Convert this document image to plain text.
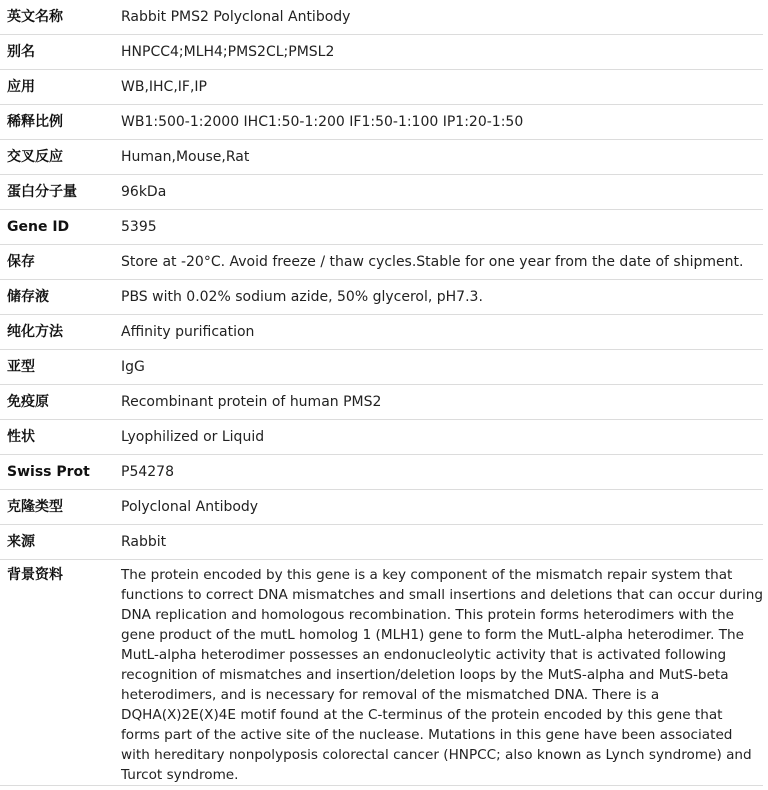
英文名称	Rabbit PMS2 Polyclonal Antibody
别名	HNPCC4;MLH4;PMS2CL;PMSL2
应用	WB,IHC,IF,IP
稀释比例	WB1:500-1:2000 IHC1:50-1:200 IF1:50-1:100 IP1:20-1:50
交叉反应	Human,Mouse,Rat
蛋白分子量	96kDa
Gene ID	5395
保存	Store at -20°C. Avoid freeze / thaw cycles.Stable for one year from the date of shipment.
储存液	PBS with 0.02% sodium azide, 50% glycerol, pH7.3.
纯化方法	Affinity purification
亚型	IgG
免疫原	Recombinant protein of human PMS2
性状	Lyophilized or Liquid
Swiss Prot	P54278
克隆类型	Polyclonal Antibody
来源	Rabbit
背景资料	The protein encoded by this gene is a key component of the mismatch repair system that functions to correct DNA mismatches and small insertions and deletions that can occur during DNA replication and homologous recombination. This protein forms heterodimers with the gene product of the mutL homolog 1 (MLH1) gene to form the MutL-alpha heterodimer. The MutL-alpha heterodimer possesses an endonucleolytic activity that is activated following recognition of mismatches and insertion/deletion loops by the MutS-alpha and MutS-beta heterodimers, and is necessary for removal of the mismatched DNA. There is a DQHA(X)2E(X)4E motif found at the C-terminus of the protein encoded by this gene that forms part of the active site of the nuclease. Mutations in this gene have been associated with hereditary nonpolyposis colorectal cancer (HNPCC; also known as Lynch syndrome) and Turcot syndrome.
